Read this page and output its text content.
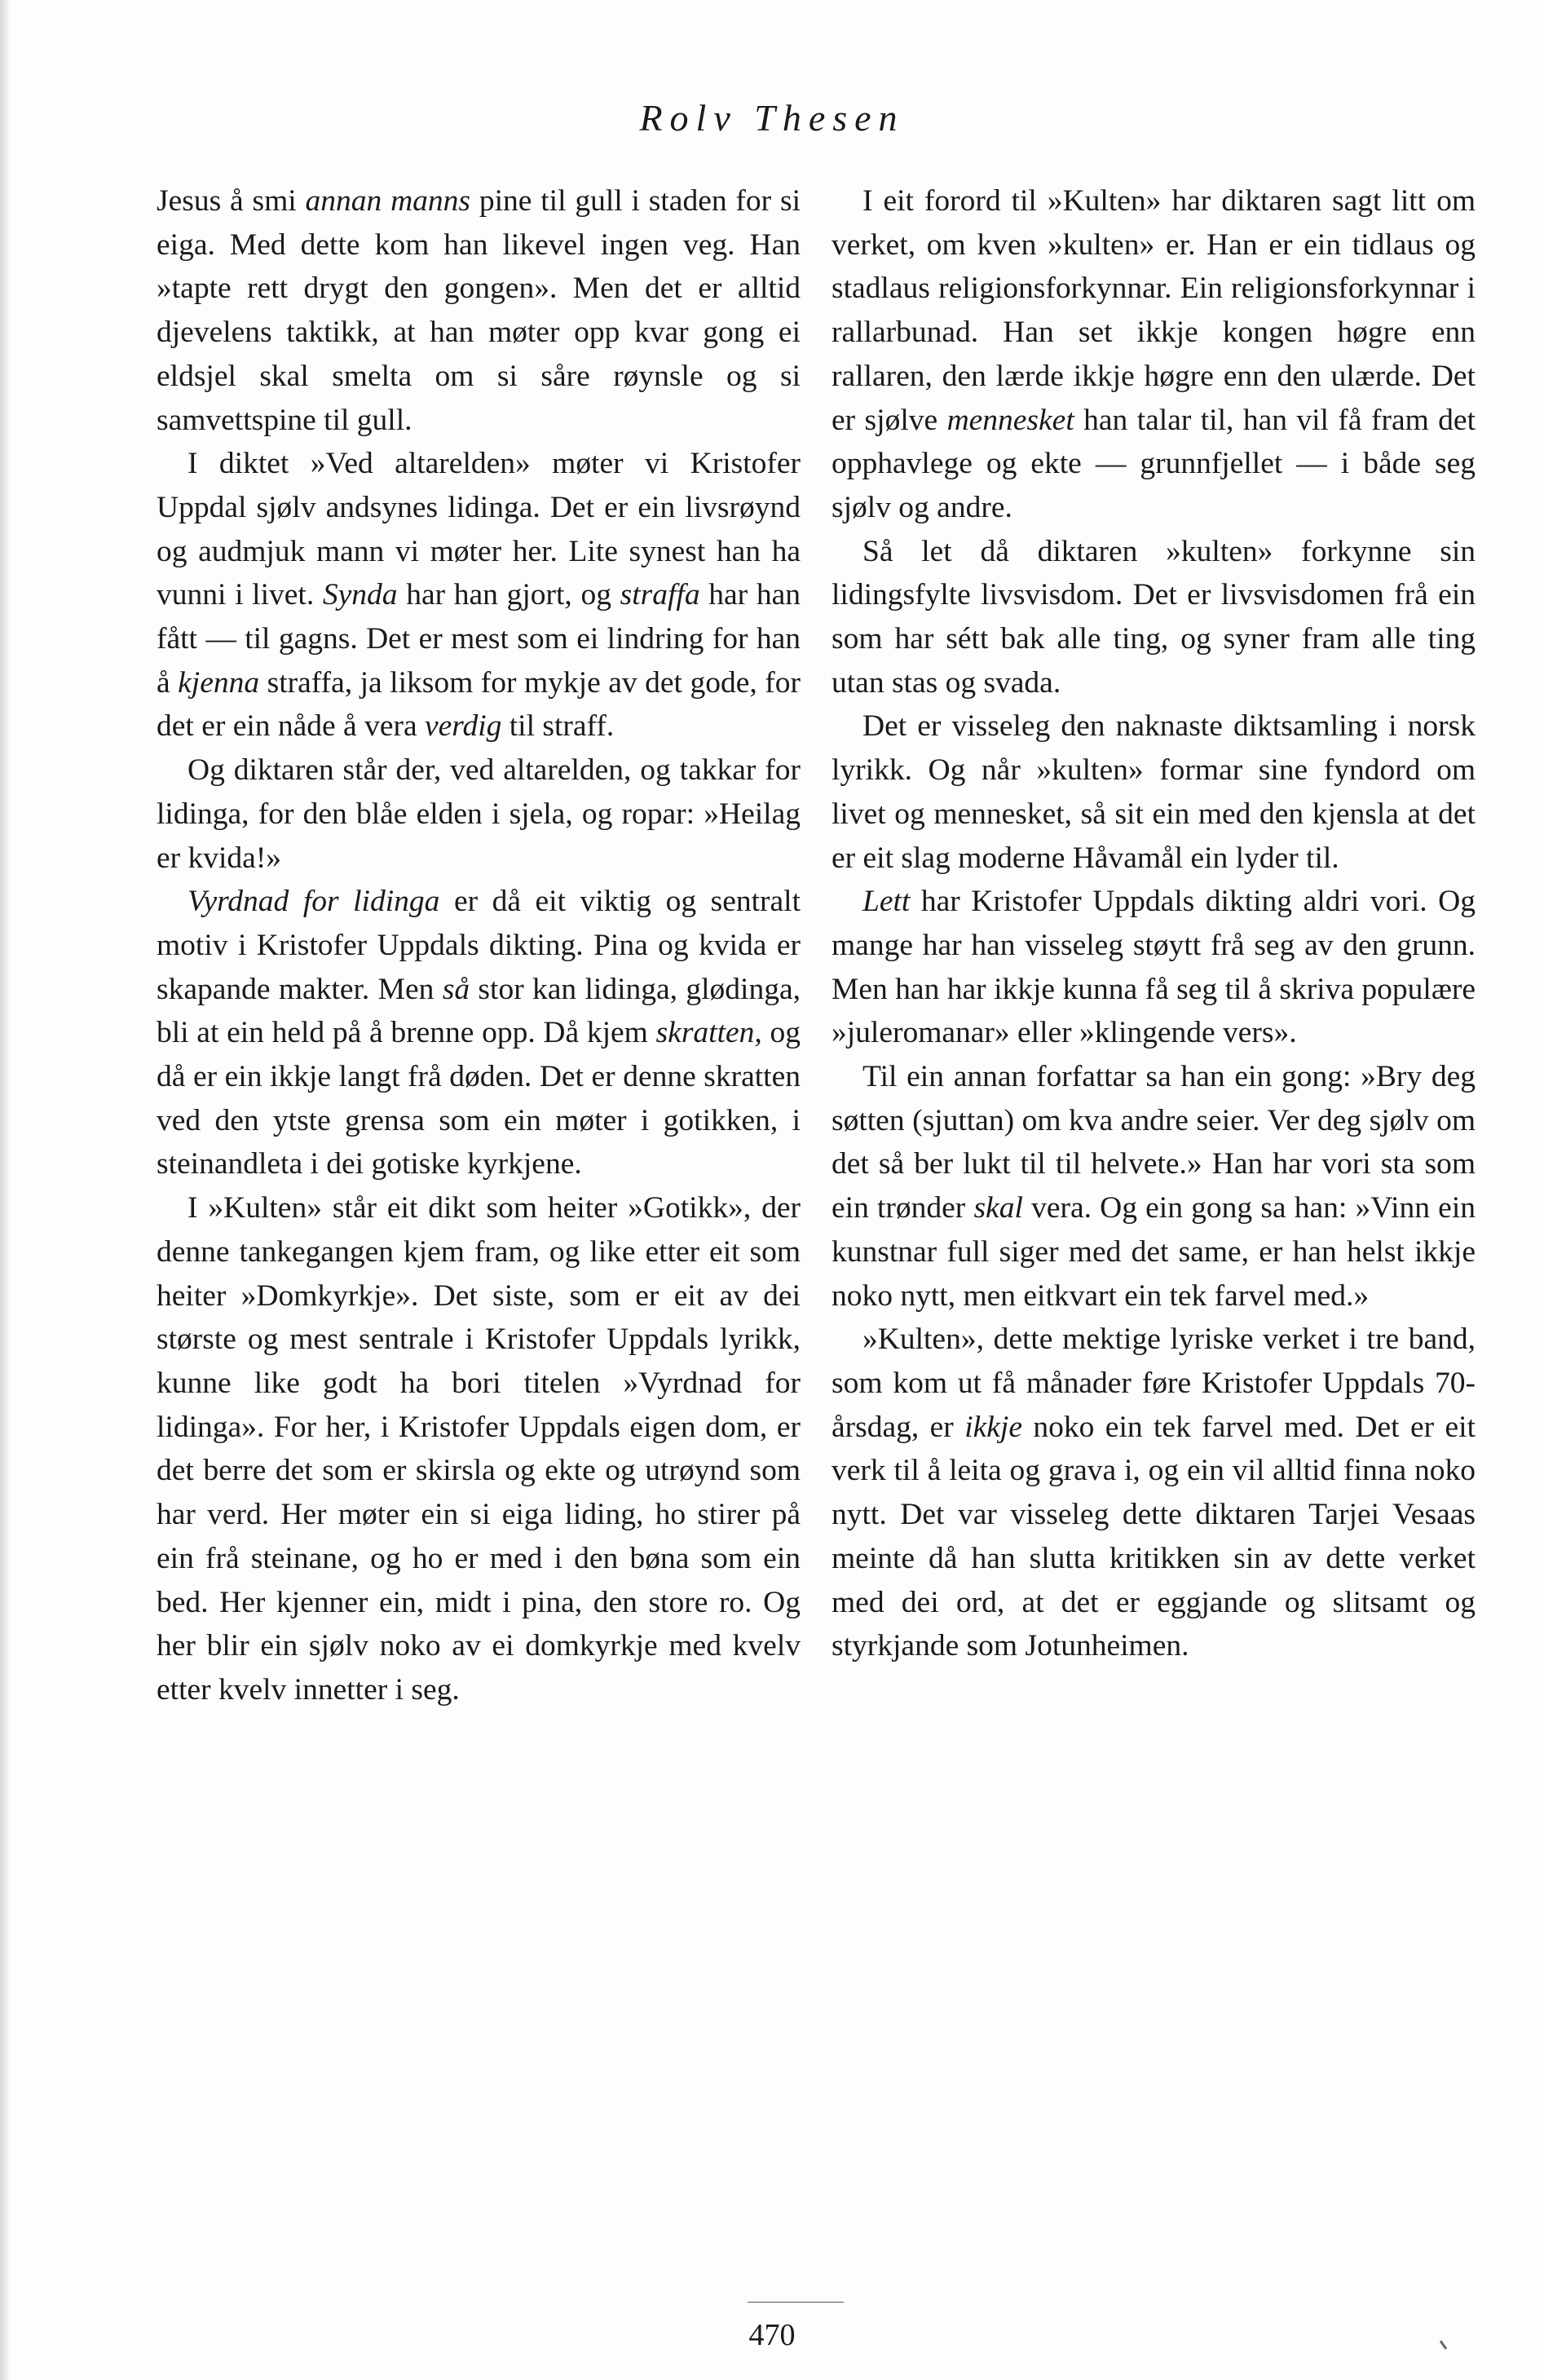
Rolv Thesen

Jesus å smi annan manns pine til gull i staden for si eiga. Med dette kom han likevel ingen veg. Han »tapte rett drygt den gongen». Men det er alltid djevelens taktikk, at han møter opp kvar gong ei eldsjel skal smelta om si såre røynsle og si samvettspine til gull.

I diktet »Ved altarelden» møter vi Kristofer Uppdal sjølv andsynes lidinga. Det er ein livsrøynd og audmjuk mann vi møter her. Lite synest han ha vunni i livet. Synda har han gjort, og straffa har han fått — til gagns. Det er mest som ei lindring for han å kjenna straffa, ja liksom for mykje av det gode, for det er ein nåde å vera verdig til straff.

Og diktaren står der, ved altarelden, og takkar for lidinga, for den blåe elden i sjela, og ropar: »Heilag er kvida!»

Vyrdnad for lidinga er då eit viktig og sentralt motiv i Kristofer Uppdals dikting. Pina og kvida er skapande makter. Men så stor kan lidinga, glødinga, bli at ein held på å brenne opp. Då kjem skratten, og då er ein ikkje langt frå døden. Det er denne skratten ved den ytste grensa som ein møter i gotikken, i steinandleta i dei gotiske kyrkjene.

I »Kulten» står eit dikt som heiter »Gotikk», der denne tankegangen kjem fram, og like etter eit som heiter »Domkyrkje». Det siste, som er eit av dei største og mest sentrale i Kristofer Uppdals lyrikk, kunne like godt ha bori titelen »Vyrdnad for lidinga». For her, i Kristofer Uppdals eigen dom, er det berre det som er skirsla og ekte og utrøynd som har verd. Her møter ein si eiga liding, ho stirer på ein frå steinane, og ho er med i den bøna som ein bed. Her kjenner ein, midt i pina, den store ro. Og her blir ein sjølv noko av ei domkyrkje med kvelv etter kvelv innetter i seg.

I eit forord til »Kulten» har diktaren sagt litt om verket, om kven »kulten» er. Han er ein tidlaus og stadlaus religionsforkynnar. Ein religionsforkynnar i rallarbunad. Han set ikkje kongen høgre enn rallaren, den lærde ikkje høgre enn den ulærde. Det er sjølve mennesket han talar til, han vil få fram det opphavlege og ekte — grunnfjellet — i både seg sjølv og andre.

Så let då diktaren »kulten» forkynne sin lidingsfylte livsvisdom. Det er livsvisdomen frå ein som har sétt bak alle ting, og syner fram alle ting utan stas og svada.

Det er visseleg den naknaste diktsamling i norsk lyrikk. Og når »kulten» formar sine fyndord om livet og mennesket, så sit ein med den kjensla at det er eit slag moderne Håvamål ein lyder til.

Lett har Kristofer Uppdals dikting aldri vori. Og mange har han visseleg støytt frå seg av den grunn. Men han har ikkje kunna få seg til å skriva populære »juleromanar» eller »klingende vers».

Til ein annan forfattar sa han ein gong: »Bry deg søtten (sjuttan) om kva andre seier. Ver deg sjølv om det så ber lukt til til helvete.» Han har vori sta som ein trønder skal vera. Og ein gong sa han: »Vinn ein kunstnar full siger med det same, er han helst ikkje noko nytt, men eitkvart ein tek farvel med.»

»Kulten», dette mektige lyriske verket i tre band, som kom ut få månader føre Kristofer Uppdals 70-årsdag, er ikkje noko ein tek farvel med. Det er eit verk til å leita og grava i, og ein vil alltid finna noko nytt. Det var visseleg dette diktaren Tarjei Vesaas meinte då han slutta kritikken sin av dette verket med dei ord, at det er eggjande og slitsamt og styrkjande som Jotunheimen.

470
